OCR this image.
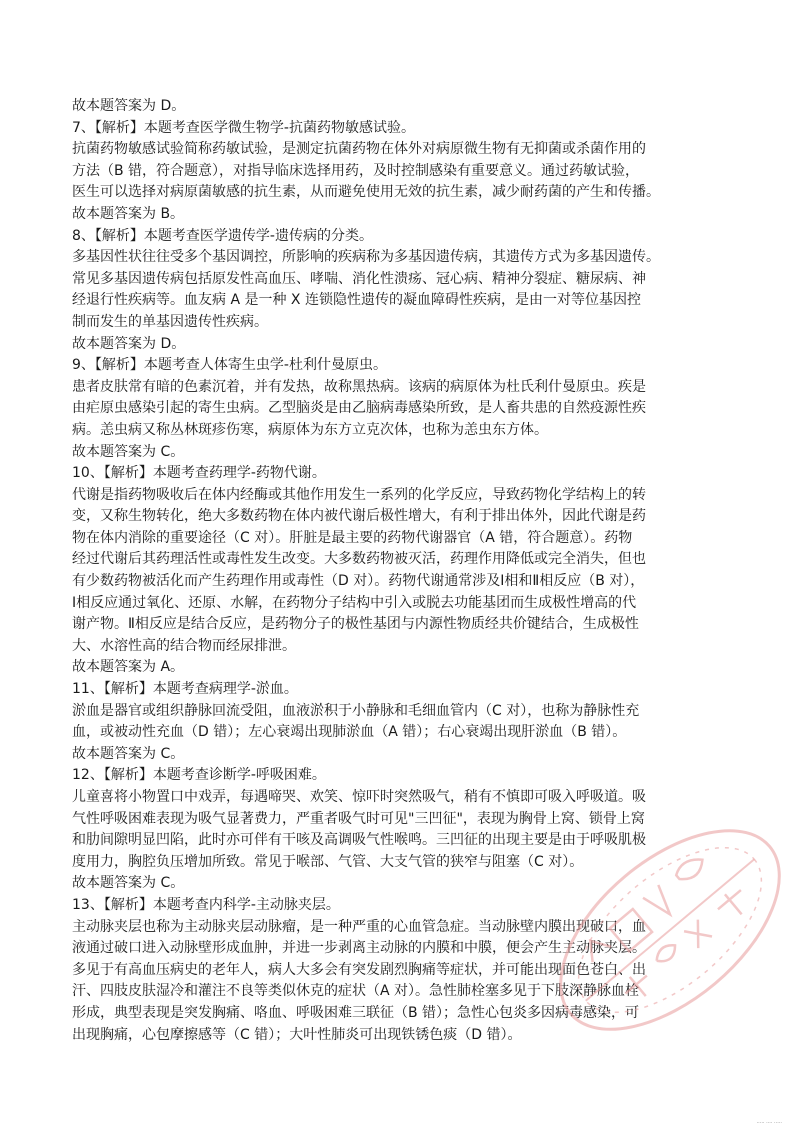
故本题答案为 D。
7、【解析】本题考查医学微生物学-抗菌药物敏感试验。
抗菌药物敏感试验简称药敏试验，是测定抗菌药物在体外对病原微生物有无抑菌或杀菌作用的
方法（B 错，符合题意），对指导临床选择用药，及时控制感染有重要意义。通过药敏试验，
医生可以选择对病原菌敏感的抗生素，从而避免使用无效的抗生素，减少耐药菌的产生和传播。
故本题答案为 B。
8、【解析】本题考查医学遗传学-遗传病的分类。
多基因性状往往受多个基因调控，所影响的疾病称为多基因遗传病，其遗传方式为多基因遗传。
常见多基因遗传病包括原发性高血压、哮喘、消化性溃疡、冠心病、精神分裂症、糖尿病、神
经退行性疾病等。血友病 A 是一种 X 连锁隐性遗传的凝血障碍性疾病，是由一对等位基因控
制而发生的单基因遗传性疾病。
故本题答案为 D。
9、【解析】本题考查人体寄生虫学-杜利什曼原虫。
患者皮肤常有暗的色素沉着，并有发热，故称黑热病。该病的病原体为杜氏利什曼原虫。疾是
由疟原虫感染引起的寄生虫病。乙型脑炎是由乙脑病毒感染所致，是人畜共患的自然疫源性疾
病。恙虫病又称丛林斑疹伤寒，病原体为东方立克次体，也称为恙虫东方体。
故本题答案为 C。
10、【解析】本题考查药理学-药物代谢。
代谢是指药物吸收后在体内经酶或其他作用发生一系列的化学反应，导致药物化学结构上的转
变，又称生物转化，绝大多数药物在体内被代谢后极性增大，有利于排出体外，因此代谢是药
物在体内消除的重要途径（C 对）。肝脏是最主要的药物代谢器官（A 错，符合题意）。药物
经过代谢后其药理活性或毒性发生改变。大多数药物被灭活，药理作用降低或完全消失，但也
有少数药物被活化而产生药理作用或毒性（D 对）。药物代谢通常涉及Ⅰ相和Ⅱ相反应（B 对），
Ⅰ相反应通过氧化、还原、水解，在药物分子结构中引入或脱去功能基团而生成极性增高的代
谢产物。Ⅱ相反应是结合反应，是药物分子的极性基团与内源性物质经共价键结合，生成极性
大、水溶性高的结合物而经尿排泄。
故本题答案为 A。
11、【解析】本题考查病理学-淤血。
淤血是器官或组织静脉回流受阻，血液淤积于小静脉和毛细血管内（C 对），也称为静脉性充
血，或被动性充血（D 错）；左心衰竭出现肺淤血（A 错）；右心衰竭出现肝淤血（B 错）。
故本题答案为 C。
12、【解析】本题考查诊断学-呼吸困难。
儿童喜将小物置口中戏弄，每遇啼哭、欢笑、惊吓时突然吸气，稍有不慎即可吸入呼吸道。吸
气性呼吸困难表现为吸气显著费力，严重者吸气时可见"三凹征"，表现为胸骨上窝、锁骨上窝
和肋间隙明显凹陷，此时亦可伴有干咳及高调吸气性喉鸣。三凹征的出现主要是由于呼吸肌极
度用力，胸腔负压增加所致。常见于喉部、气管、大支气管的狭窄与阻塞（C 对）。
故本题答案为 C。
13、【解析】本题考查内科学-主动脉夹层。
主动脉夹层也称为主动脉夹层动脉瘤，是一种严重的心血管急症。当动脉壁内膜出现破口，血
液通过破口进入动脉壁形成血肿，并进一步剥离主动脉的内膜和中膜，便会产生主动脉夹层。
多见于有高血压病史的老年人，病人大多会有突发剧烈胸痛等症状，并可能出现面色苍白、出
汗、四肢皮肤湿冷和灌注不良等类似休克的症状（A 对）。急性肺栓塞多见于下肢深静脉血栓
形成，典型表现是突发胸痛、咯血、呼吸困难三联征（B 错）；急性心包炎多因病毒感染，可
出现胸痛，心包摩擦感等（C 错）；大叶性肺炎可出现铁锈色痰（D 错）。
····· ···· ·····
